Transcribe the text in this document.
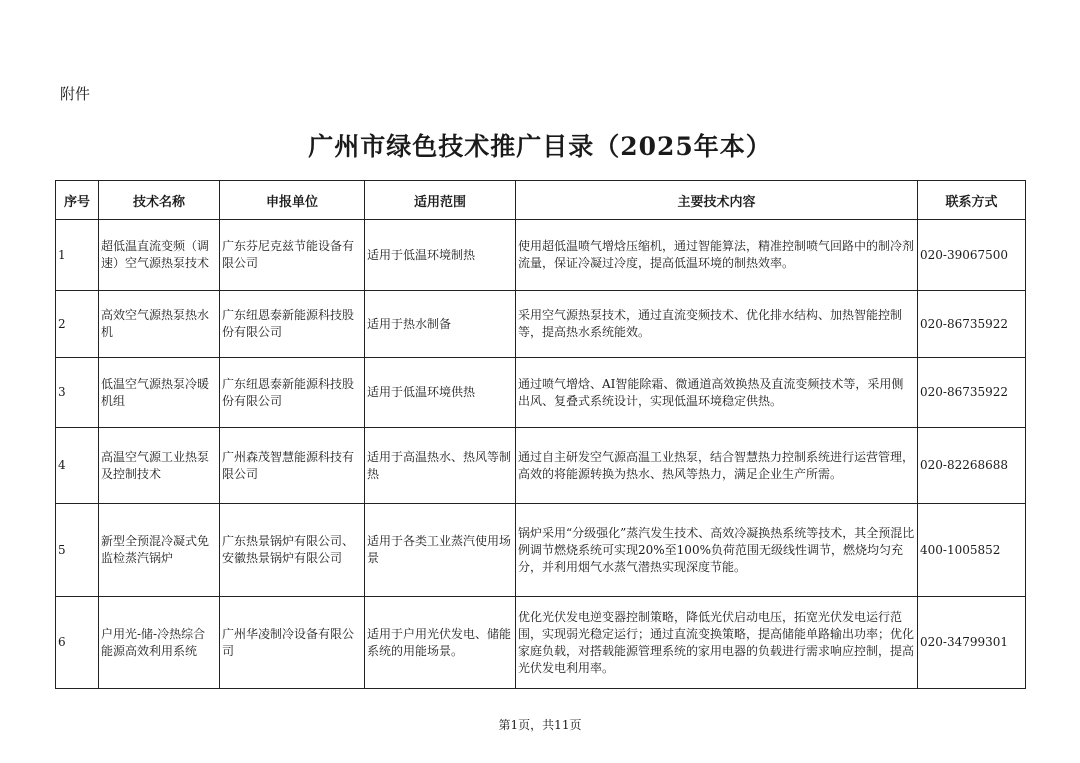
附件
广州市绿色技术推广目录（2025年本）
序号	技术名称	申报单位	适用范围	主要技术内容	联系方式
1	超低温直流变频（调速）空气源热泵技术	广东芬尼克兹节能设备有限公司	适用于低温环境制热	使用超低温喷气增焓压缩机，通过智能算法，精准控制喷气回路中的制冷剂流量，保证冷凝过冷度，提高低温环境的制热效率。	020-39067500
2	高效空气源热泵热水机	广东纽恩泰新能源科技股份有限公司	适用于热水制备	采用空气源热泵技术，通过直流变频技术、优化排水结构、加热智能控制等，提高热水系统能效。	020-86735922
3	低温空气源热泵冷暖机组	广东纽恩泰新能源科技股份有限公司	适用于低温环境供热	通过喷气增焓、AI智能除霜、微通道高效换热及直流变频技术等，采用侧出风、复叠式系统设计，实现低温环境稳定供热。	020-86735922
4	高温空气源工业热泵及控制技术	广州森茂智慧能源科技有限公司	适用于高温热水、热风等制热	通过自主研发空气源高温工业热泵，结合智慧热力控制系统进行运营管理，高效的将能源转换为热水、热风等热力，满足企业生产所需。	020-82268688
5	新型全预混冷凝式免监检蒸汽锅炉	广东热景锅炉有限公司、安徽热景锅炉有限公司	适用于各类工业蒸汽使用场景	锅炉采用“分级强化”蒸汽发生技术、高效冷凝换热系统等技术，其全预混比例调节燃烧系统可实现20%至100%负荷范围无级线性调节，燃烧均匀充分，并利用烟气水蒸气潜热实现深度节能。	400-1005852
6	户用光-储-冷热综合能源高效利用系统	广州华凌制冷设备有限公司	适用于户用光伏发电、储能系统的用能场景。	优化光伏发电逆变器控制策略，降低光伏启动电压，拓宽光伏发电运行范围，实现弱光稳定运行；通过直流变换策略，提高储能单路输出功率；优化家庭负载，对搭载能源管理系统的家用电器的负载进行需求响应控制，提高光伏发电利用率。	020-34799301
第1页，共11页
